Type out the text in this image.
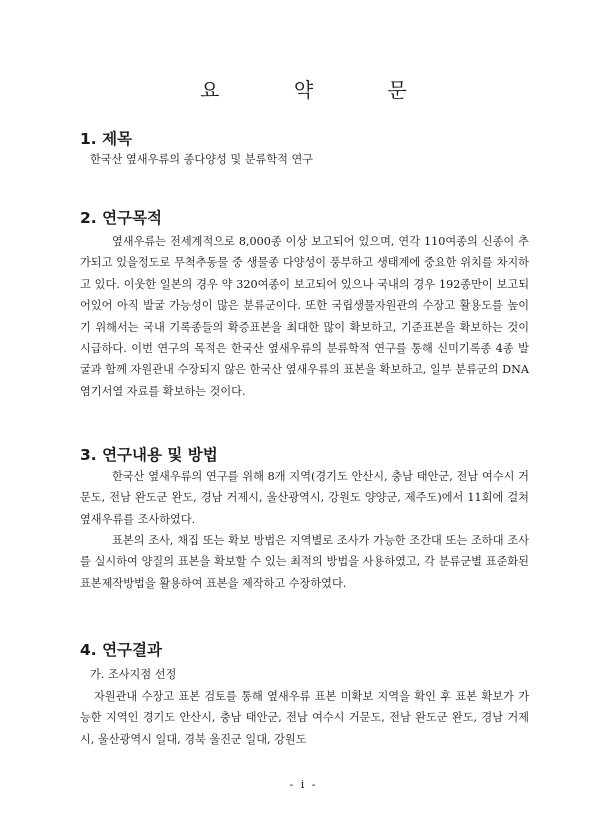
요 약 문
1. 제목

한국산 옆새우류의 종다양성 및 분류학적 연구

2. 연구목적

옆새우류는 전세계적으로 8,000종 이상 보고되어 있으며, 연각 110여종의 신종이 추가되고 있을정도로 무척추동물 중 생물종 다양성이 풍부하고 생태계에 중요한 위치를 차지하고 있다. 이웃한 일본의 경우 약 320여종이 보고되어 있으나 국내의 경우 192종만이 보고되어있어 아직 발굴 가능성이 많은 분류군이다. 또한 국립생물자원관의 수장고 활용도를 높이기 위해서는 국내 기록종들의 확증표본을 최대한 많이 확보하고, 기준표본을 확보하는 것이 시급하다. 이번 연구의 목적은 한국산 옆새우류의 분류학적 연구를 통해 신미기록종 4종 발굴과 함께 자원관내 수장되지 않은 한국산 옆새우류의 표본을 확보하고, 일부 분류군의 DNA 염기서열 자료를 확보하는 것이다.

3. 연구내용 및 방법

한국산 옆새우류의 연구를 위해 8개 지역(경기도 안산시, 충남 태안군, 전남 여수시 거문도, 전남 완도군 완도, 경남 거제시, 울산광역시, 강원도 양양군, 제주도)에서 11회에 걸쳐 옆새우류를 조사하였다.

표본의 조사, 채집 또는 확보 방법은 지역별로 조사가 가능한 조간대 또는 조하대 조사를 실시하여 양질의 표본을 확보할 수 있는 최적의 방법을 사용하였고, 각 분류군별 표준화된 표본제작방법을 활용하여 표본을 제작하고 수장하였다.

4. 연구결과

가. 조사지점 선정

자원관내 수장고 표본 검토를 통해 옆새우류 표본 미확보 지역을 확인 후 표본 확보가 가능한 지역인 경기도 안산시, 충남 태안군, 전남 여수시 거문도, 전남 완도군 완도, 경남 거제시, 울산광역시 일대, 경북 울진군 일대, 강원도

- i -
